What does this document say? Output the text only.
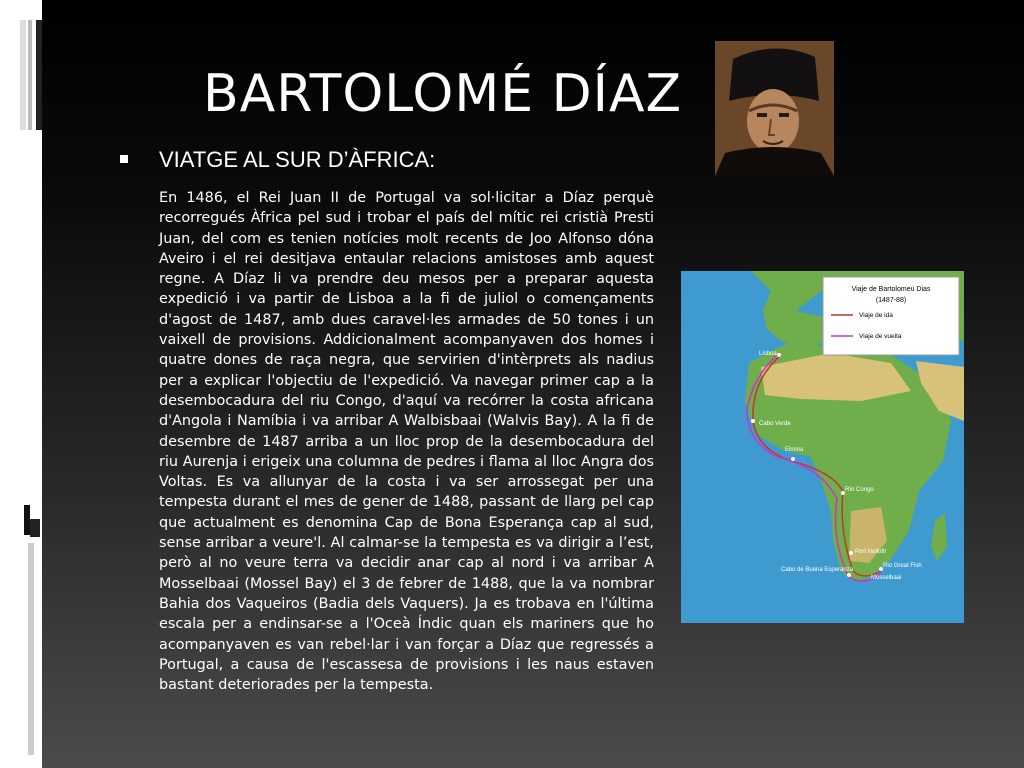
BARTOLOMÉ DÍAZ
VIATGE AL SUR D’ÀFRICA:
En 1486, el Rei Juan II de Portugal va sol·licitar a Díaz perquè recorregués Àfrica pel sud i trobar el país del mític rei cristià Presti Juan, del com es tenien notícies molt recents de Joo Alfonso dóna Aveiro i el rei desitjava entaular relacions amistoses amb aquest regne. A Díaz li va prendre deu mesos per a preparar aquesta expedició i va partir de Lisboa a la fi de juliol o començaments d'agost de 1487, amb dues caravel·les armades de 50 tones i un vaixell de provisions. Addicionalment acompanyaven dos homes i quatre dones de raça negra, que servirien d'intèrprets als nadius per a explicar l'objectiu de l'expedició. Va navegar primer cap a la desembocadura del riu Congo, d'aquí va recórrer la costa africana d'Angola i Namíbia i va arribar A Walbisbaai (Walvis Bay). A la fi de desembre de 1487 arriba a un lloc prop de la desembocadura del riu Aurenja i erigeix una columna de pedres i flama al lloc Angra dos Voltas. Es va allunyar de la costa i va ser arrossegat per una tempesta durant el mes de gener de 1488, passant de llarg pel cap que actualment es denomina Cap de Bona Esperança cap al sud, sense arribar a veure'l. Al calmar-se la tempesta es va dirigir a l’est, però al no veure terra va decidir anar cap al nord i va arribar A Mosselbaai (Mossel Bay) el 3 de febrer de 1488, que la va nombrar Bahia dos Vaqueiros (Badia dels Vaquers). Ja es trobava en l'última escala per a endinsar-se a l'Oceà Índic quan els mariners que ho acompanyaven es van rebel·lar i van forçar a Díaz que regressés a Portugal, a causa de l'escassesa de provisions i les naus estaven bastant deteriorades per la tempesta.
Viaje de Bartolomeu Dias
(1487-88)
Viaje de ida
Viaje de vuelta
Lisboa
Cabo Verde
Elmina
Río Congo
Port Nolloth
Rio Great Fish
Cabo de Buena Esperanza
Mosselbaai
